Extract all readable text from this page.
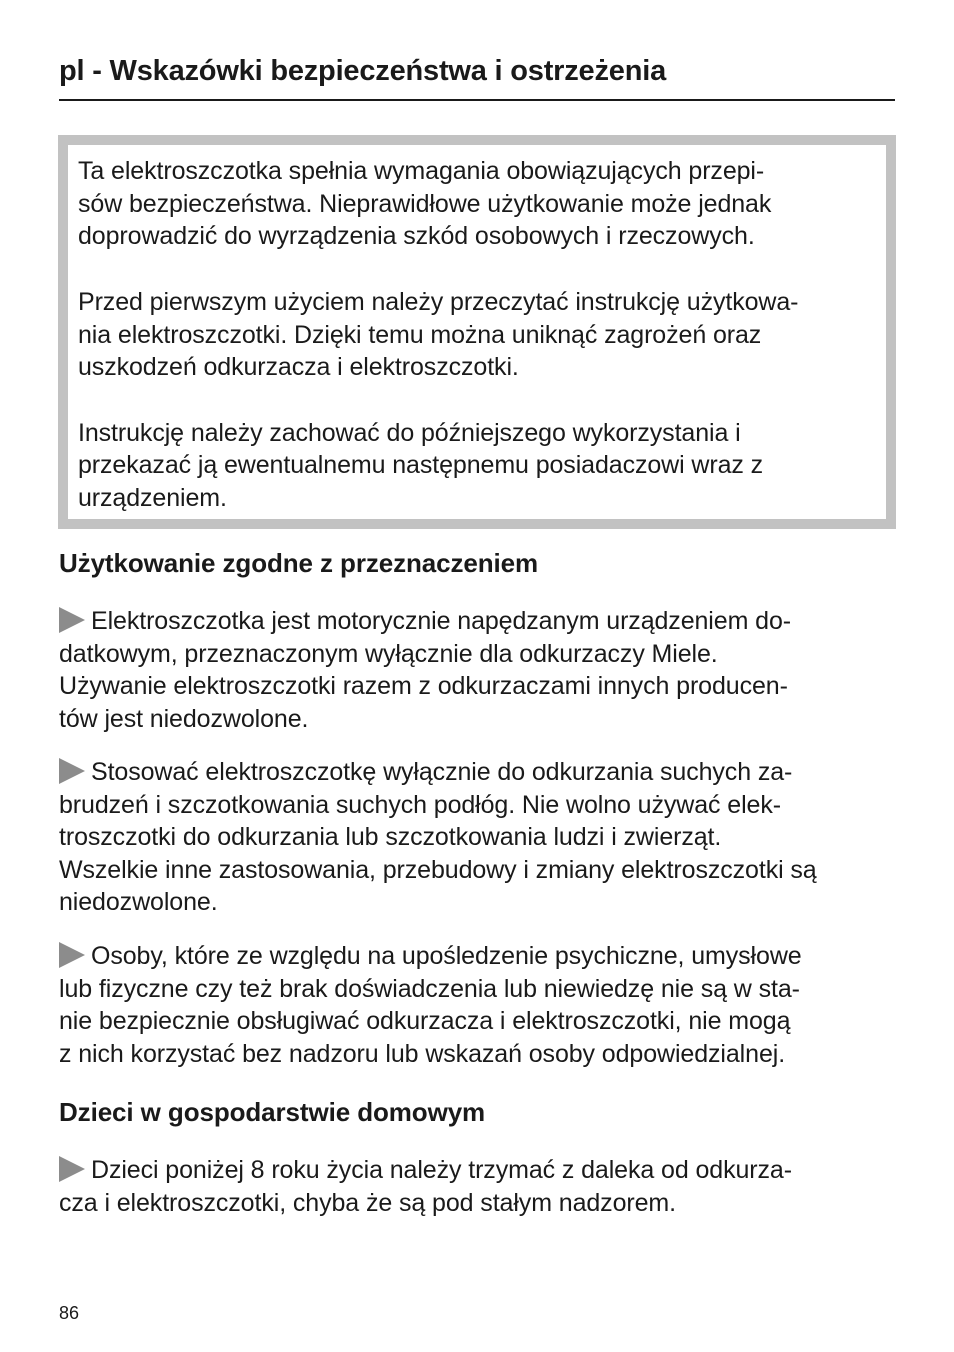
pl - Wskazówki bezpieczeństwa i ostrzeżenia

Ta elektroszczotka spełnia wymagania obowiązujących przepi-
sów bezpieczeństwa. Nieprawidłowe użytkowanie może jednak
doprowadzić do wyrządzenia szkód osobowych i rzeczowych.

Przed pierwszym użyciem należy przeczytać instrukcję użytkowa-
nia elektroszczotki. Dzięki temu można uniknąć zagrożeń oraz
uszkodzeń odkurzacza i elektroszczotki.

Instrukcję należy zachować do późniejszego wykorzystania i
przekazać ją ewentualnemu następnemu posiadaczowi wraz z
urządzeniem.

Użytkowanie zgodne z przeznaczeniem

Elektroszczotka jest motorycznie napędzanym urządzeniem do-
datkowym, przeznaczonym wyłącznie dla odkurzaczy Miele.
Używanie elektroszczotki razem z odkurzaczami innych producen-
tów jest niedozwolone.

Stosować elektroszczotkę wyłącznie do odkurzania suchych za-
brudzeń i szczotkowania suchych podłóg. Nie wolno używać elek-
troszczotki do odkurzania lub szczotkowania ludzi i zwierząt.
Wszelkie inne zastosowania, przebudowy i zmiany elektroszczotki są
niedozwolone.

Osoby, które ze względu na upośledzenie psychiczne, umysłowe
lub fizyczne czy też brak doświadczenia lub niewiedzę nie są w sta-
nie bezpiecznie obsługiwać odkurzacza i elektroszczotki, nie mogą
z nich korzystać bez nadzoru lub wskazań osoby odpowiedzialnej.

Dzieci w gospodarstwie domowym

Dzieci poniżej 8 roku życia należy trzymać z daleka od odkurza-
cza i elektroszczotki, chyba że są pod stałym nadzorem.

86
